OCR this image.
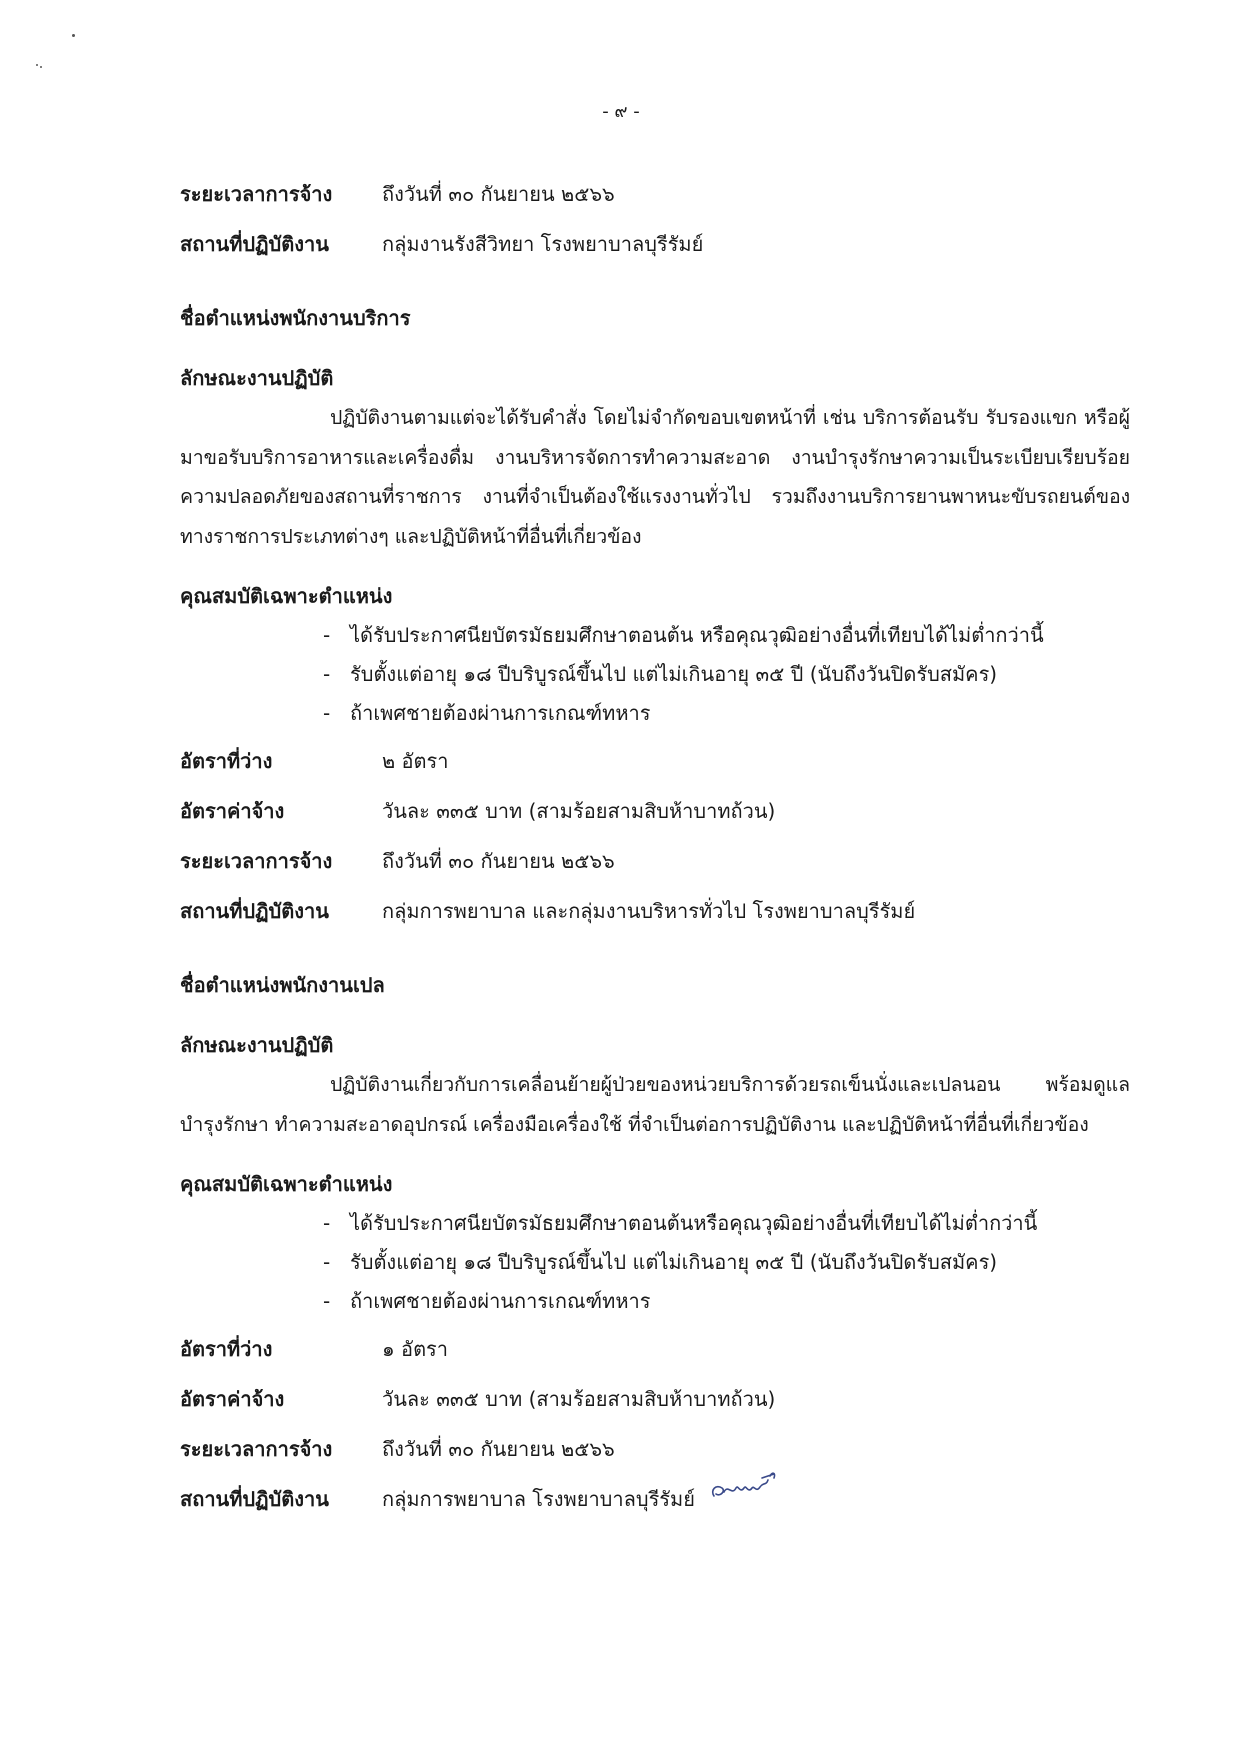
- ๙ -
ระยะเวลาการจ้าง	ถึงวันที่ ๓๐ กันยายน ๒๕๖๖
สถานที่ปฏิบัติงาน	กลุ่มงานรังสีวิทยา โรงพยาบาลบุรีรัมย์
ชื่อตำแหน่งพนักงานบริการ
ลักษณะงานปฏิบัติ
ปฏิบัติงานตามแต่จะได้รับคำสั่ง โดยไม่จำกัดขอบเขตหน้าที่ เช่น บริการต้อนรับ รับรองแขก หรือผู้มาขอรับบริการอาหารและเครื่องดื่ม งานบริหารจัดการทำความสะอาด งานบำรุงรักษาความเป็นระเบียบเรียบร้อย ความปลอดภัยของสถานที่ราชการ งานที่จำเป็นต้องใช้แรงงานทั่วไป รวมถึงงานบริการยานพาหนะขับรถยนต์ของทางราชการประเภทต่างๆ และปฏิบัติหน้าที่อื่นที่เกี่ยวข้อง
คุณสมบัติเฉพาะตำแหน่ง
- ได้รับประกาศนียบัตรมัธยมศึกษาตอนต้น หรือคุณวุฒิอย่างอื่นที่เทียบได้ไม่ต่ำกว่านี้
- รับตั้งแต่อายุ ๑๘ ปีบริบูรณ์ขึ้นไป แต่ไม่เกินอายุ ๓๕ ปี (นับถึงวันปิดรับสมัคร)
- ถ้าเพศชายต้องผ่านการเกณฑ์ทหาร
อัตราที่ว่าง	๒ อัตรา
อัตราค่าจ้าง	วันละ ๓๓๕ บาท (สามร้อยสามสิบห้าบาทถ้วน)
ระยะเวลาการจ้าง	ถึงวันที่ ๓๐ กันยายน ๒๕๖๖
สถานที่ปฏิบัติงาน	กลุ่มการพยาบาล และกลุ่มงานบริหารทั่วไป โรงพยาบาลบุรีรัมย์
ชื่อตำแหน่งพนักงานเปล
ลักษณะงานปฏิบัติ
ปฏิบัติงานเกี่ยวกับการเคลื่อนย้ายผู้ป่วยของหน่วยบริการด้วยรถเข็นนั่งและเปลนอน พร้อมดูแลบำรุงรักษา ทำความสะอาดอุปกรณ์ เครื่องมือเครื่องใช้ ที่จำเป็นต่อการปฏิบัติงาน และปฏิบัติหน้าที่อื่นที่เกี่ยวข้อง
คุณสมบัติเฉพาะตำแหน่ง
- ได้รับประกาศนียบัตรมัธยมศึกษาตอนต้นหรือคุณวุฒิอย่างอื่นที่เทียบได้ไม่ต่ำกว่านี้
- รับตั้งแต่อายุ ๑๘ ปีบริบูรณ์ขึ้นไป แต่ไม่เกินอายุ ๓๕ ปี (นับถึงวันปิดรับสมัคร)
- ถ้าเพศชายต้องผ่านการเกณฑ์ทหาร
อัตราที่ว่าง	๑ อัตรา
อัตราค่าจ้าง	วันละ ๓๓๕ บาท (สามร้อยสามสิบห้าบาทถ้วน)
ระยะเวลาการจ้าง	ถึงวันที่ ๓๐ กันยายน ๒๕๖๖
สถานที่ปฏิบัติงาน	กลุ่มการพยาบาล โรงพยาบาลบุรีรัมย์
